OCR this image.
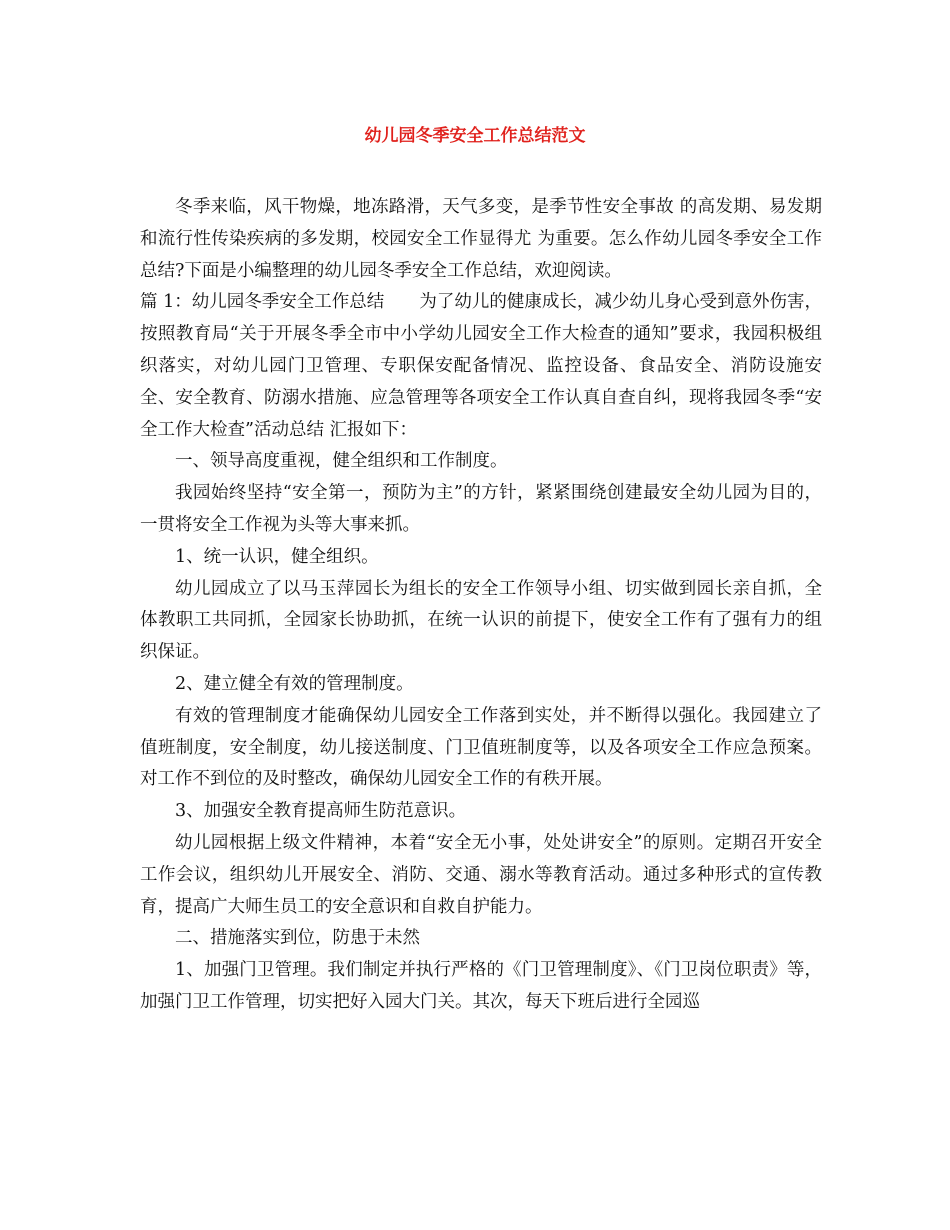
幼儿园冬季安全工作总结范文

冬季来临，风干物燥，地冻路滑，天气多变，是季节性安全事故 的高发期、易发期和流行性传染疾病的多发期，校园安全工作显得尤 为重要。怎么作幼儿园冬季安全工作总结?下面是小编整理的幼儿园冬季安全工作总结，欢迎阅读。

篇 1：幼儿园冬季安全工作总结　　为了幼儿的健康成长，减少幼儿身心受到意外伤害，按照教育局“关于开展冬季全市中小学幼儿园安全工作大检查的通知”要求，我园积极组织落实，对幼儿园门卫管理、专职保安配备情况、监控设备、食品安全、消防设施安全、安全教育、防溺水措施、应急管理等各项安全工作认真自查自纠，现将我园冬季“安全工作大检查”活动总结 汇报如下：

一、领导高度重视，健全组织和工作制度。

我园始终坚持“安全第一，预防为主”的方针，紧紧围绕创建最安全幼儿园为目的，一贯将安全工作视为头等大事来抓。

1、统一认识，健全组织。

幼儿园成立了以马玉萍园长为组长的安全工作领导小组、切实做到园长亲自抓，全体教职工共同抓，全园家长协助抓，在统一认识的前提下，使安全工作有了强有力的组织保证。

2、建立健全有效的管理制度。

有效的管理制度才能确保幼儿园安全工作落到实处，并不断得以强化。我园建立了值班制度，安全制度，幼儿接送制度、门卫值班制度等，以及各项安全工作应急预案。对工作不到位的及时整改，确保幼儿园安全工作的有秩开展。

3、加强安全教育提高师生防范意识。

幼儿园根据上级文件精神，本着“安全无小事，处处讲安全”的原则。定期召开安全工作会议，组织幼儿开展安全、消防、交通、溺水等教育活动。通过多种形式的宣传教育，提高广大师生员工的安全意识和自救自护能力。

二、措施落实到位，防患于未然

1、加强门卫管理。我们制定并执行严格的《门卫管理制度》、《门卫岗位职责》等，加强门卫工作管理，切实把好入园大门关。其次，每天下班后进行全园巡
